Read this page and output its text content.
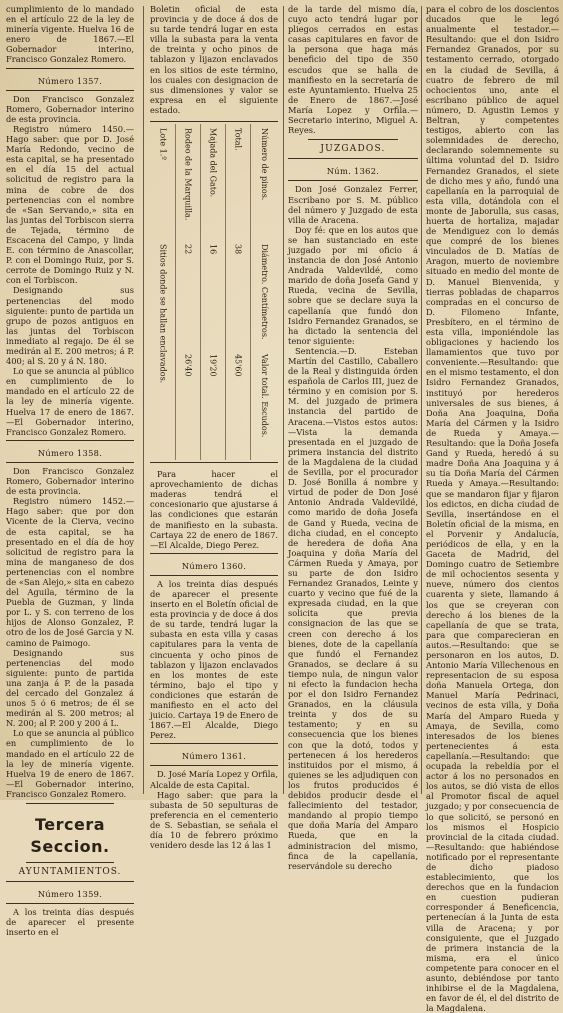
cumplimiento de lo mandado en el artículo 22 de la ley de minería vigente. Huelva 16 de enero de 1867.—El Gobernador interino, Francisco Gonzalez Romero.

Número 1357.

Don Francisco Gonzalez Romero, Gobernador interino de esta provincia.

Registro número 1450.—Hago saber: que por D. José María Redondo, vecino de esta capital, se ha presentado en el día 15 del actual solicitud de registro para la mina de cobre de dos pertenencias con el nombre de «San Servando,» sita en las juntas del Torbiscon sierra de Tejada, término de Escacena del Campo, y linda E. con término de Anascollar, P. con el Domingo Ruiz, por S. cerrote de Domingo Ruiz y N. con el Torbiscon.

Designando sus pertenencias del modo siguiente: punto de partida un grupo de pozos antiguos en las juntas del Torbiscon inmediato al regajo. De él se medirán al E. 200 metros; á P. 400; al S. 20 y á N. 180.

Lo que se anuncia al público en cumplimiento de lo mandado en el artículo 22 de la ley de minería vigente. Huelva 17 de enero de 1867.—El Gobernador interino, Francisco Gonzalez Romero.

Número 1358.

Don Francisco Gonzalez Romero, Gobernador interino de esta provincia.

Registro número 1452.—Hago saber: que por don Vicente de la Cierva, vecino de esta capital, se ha presentado en el día de hoy solicitud de registro para la mina de manganeso de dos pertenencias con el nombre de «San Alejo,» sita en cabezo del Aguila, término de la Puebla de Guzman, y linda por L. y S. con terreno de los hijos de Alonso Gonzalez, P. otro de los de José Garcia y N. camino de Paimogo.

Designando sus pertenencias del modo siguiente: punto de partida una zanja á P. de la pasada del cercado del Gonzalez á unos 5 ó 6 metros; de él se medirán al S. 200 metros; al N. 200; al P. 200 y 200 á L.

Lo que se anuncia al público en cumplimiento de lo mandado en el artículo 22 de la ley de minería vigente. Huelva 19 de enero de 1867.—El Gobernador interino, Francisco Gonzalez Romero.

Tercera Seccion.

AYUNTAMIENTOS.

Número 1359.

A los treinta días después de aparecer el presente inserto en el

Boletin oficial de esta provincia y de doce á dos de su tarde tendrá lugar en esta villa la subasta para la venta de treinta y ocho pinos de tablazon y lijazon enclavados en los sitios de este término, los cuales con designacion de sus dimensiones y valor se expresa en el siguiente estado.

Lote 1.º
Sitios donde se hallan enclavados.
Rodeo de la Marquilla.
22
26'40
Majada del Gato.
16
19'20
Total.
38
45'60
Número de pinos.
Diámetro. Centímetros.
Valor total. Escudos.

Para hacer el aprovechamiento de dichas maderas tendrá el concesionario que ajustarse á las condiciones que estarán de manifiesto en la subasta. Cartaya 22 de enero de 1867.—El Alcalde, Diego Perez.

Número 1360.

A los treinta días después de aparecer el presente inserto en el Boletín oficial de esta provincia y de doce á dos de su tarde, tendrá lugar la subasta en esta villa y casas capitulares para la venta de cincuenta y ocho pinos de tablazon y lijazon enclavados en los montes de este término, bajo el tipo y condiciones que estarán de manifiesto en el acto del juicio. Cartaya 19 de Enero de 1867.—El Alcalde, Diego Perez.

Número 1361.

D. José María Lopez y Orfila, Alcalde de esta Capital.

Hago saber: que para la subasta de 50 sepulturas de preferencia en el cementerio de S. Sebastian, se señala el día 10 de febrero próximo venidero desde las 12 á las 1

de la tarde del mismo día, cuyo acto tendrá lugar por pliegos cerrados en estas casas capitulares en favor de la persona que haga más beneficio del tipo de 350 escudos que se halla de manifiesto en la secretaría de este Ayuntamiento. Huelva 25 de Enero de 1867.—José María Lopez y Orfila.—Secretario interino, Miguel A. Reyes.

JUZGADOS.

Núm. 1362.

Don José Gonzalez Ferrer, Escribano por S. M. público del número y Juzgado de esta villa de Aracena.

Doy fé: que en los autos que se han sustanciado en este juzgado por mi oficio á instancia de don José Antonio Andrada Valdevildé, como marido de doña Josefa Gand y Rueda, vecina de Sevilla, sobre que se declare suya la capellanía que fundó don Isidro Fernandez Granados, se ha dictado la sentencia del tenor siguiente:

Sentencia.—D. Esteban Martín del Castillo, Caballero de la Real y distinguida órden española de Carlos III, juez de término y en comision por S. M. del juzgado de primera instancia del partido de Aracena.—Vistos estos autos:—Vista la demanda presentada en el juzgado de primera instancia del distrito de la Magdalena de la ciudad de Sevilla, por el procurador D. José Bonilla á nombre y virtud de poder de Don José Antonio Andrada Valdevildé, como marido de doña Josefa de Gand y Rueda, vecina de dicha ciudad, en el concepto de heredera de doña Ana Joaquina y doña María del Cármen Rueda y Amaya, por su parte de don Isidro Fernandez Granados, Leinte y cuarto y vecino que fué de la expresada ciudad, en la que solicita que previa consignacion de las que se creen con derecho á los bienes, dote de la capellanía que fundó el Fernandez Granados, se declare á su tiempo nula, de ningun valor ni efecto la fundacion hecha por el don Isidro Fernandez Granados, en la cláusula treinta y dos de su testamento; y en su consecuencia que los bienes con que la dotó, todos y pertenecen á los herederos instituidos por el mismo, á quienes se les adjudiquen con los frutos producidos é debidos producir desde el fallecimiento del testador, mandando al propio tiempo que doña María del Amparo Rueda, que en la administracion del mismo, finca de la capellanía, reservándole su derecho

para el cobro de los doscientos ducados que le legó anualmente el testador.—Resultando: que el don Isidro Fernandez Granados, por su testamento cerrado, otorgado en la ciudad de Sevilla, á cuatro de febrero de mil ochocientos uno, ante el escribano público de aquel número, D. Agustin Lemos y Beltran, y competentes testigos, abierto con las solemnidades de derecho, declarando solemnemente su última voluntad del D. Isidro Fernandez Granados, el siete de dicho mes y año, fundó una capellanía en la parroquial de esta villa, dotándola con el monte de Jaborulla, sus casas, huerta de hortaliza, majadar de Mendiguez con lo demás que compré de los bienes vinculados de D. Matías de Aragon, muerto de noviembre situado en medio del monte de D. Manuel Bienvenida, y tierras pobladas de chaparros compradas en el concurso de D. Filomeno Infante, Presbítero, en el término de esta villa, imponiéndole las obligaciones y haciendo los llamamientos que tuvo por conveniente.—Resultando: que en el mismo testamento, el don Isidro Fernandez Granados, instituyó por herederos universales de sus bienes, á Doña Ana Joaquina, Doña María del Cármen y la Isidro de Rueda y Amaya.—Resultando: que la Doña Josefa Gand y Rueda, heredó á su madre Doña Ana Joaquina y á su tía Doña María del Cármen Rueda y Amaya.—Resultando: que se mandaron fijar y fijaron los edictos, en dicha ciudad de Sevilla, insertándose en el Boletín oficial de la misma, en el Porvenir y Andalucía, periódicos de ella, y en la Gaceta de Madrid, del Domingo cuatro de Setiembre de mil ochocientos sesenta y nueve, número dos cientos cuarenta y siete, llamando á los que se creyeran con derecho á los bienes de la capellanía de que se trata, para que comparecieran en autos.—Resultando: que se personaron en los autos, D. Antonio María Villechenous en representacion de su esposa doña Manuela Ortega, don Manuel María Pedrinaci, vecinos de esta villa, y Doña María del Amparo Rueda y Amaya, de Sevilla, como interesados de los bienes pertenecientes á esta capellanía.—Resultando: que ocupada la rebeldía por el actor á los no personados en los autos, se dió vista de ellos al Promotor fiscal de aquel juzgado; y por consecuencia de lo que solicitó, se personó en los mismos el Hospicio provincial de la citada ciudad.—Resultando: que habiéndose notificado por el representante de dicho piadoso establecimiento, que los derechos que en la fundacion en cuestion pudieran corresponder á Beneficencia, pertenecían á la Junta de esta villa de Aracena; y por consiguiente, que el Juzgado de primera instancia de la misma, era el único competente para conocer en el asunto, debiéndose por tanto inhibirse el de la Magdalena, en favor de él, el del distrito de la Magdalena.
